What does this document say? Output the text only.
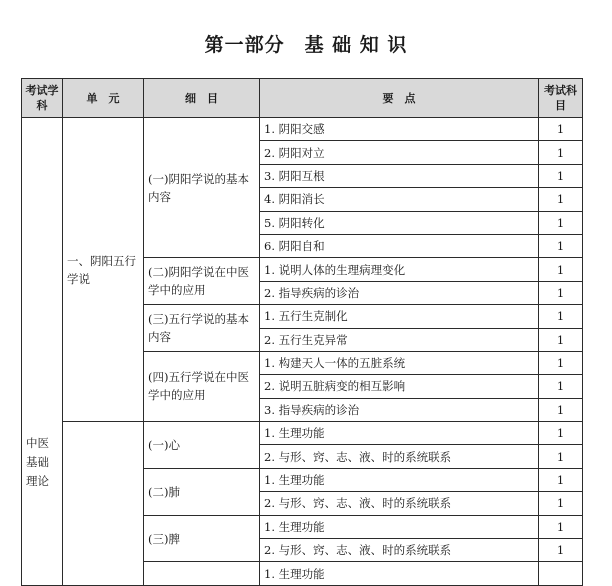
第一部分　基 础 知 识
考试学科	单　元	细　目	要　点	考试科目
中医基础理论	一、阴阳五行学说	(一)阴阳学说的基本内容	1. 阴阳交感	1
			2. 阴阳对立	1
			3. 阴阳互根	1
			4. 阴阳消长	1
			5. 阴阳转化	1
			6. 阴阳自和	1
		(二)阴阳学说在中医学中的应用	1. 说明人体的生理病理变化	1
			2. 指导疾病的诊治	1
		(三)五行学说的基本内容	1. 五行生克制化	1
			2. 五行生克异常	1
		(四)五行学说在中医学中的应用	1. 构建天人一体的五脏系统	1
			2. 说明五脏病变的相互影响	1
			3. 指导疾病的诊治	1
		(一)心	1. 生理功能	1
			2. 与形、窍、志、液、时的系统联系	1
		(二)肺	1. 生理功能	1
			2. 与形、窍、志、液、时的系统联系	1
		(三)脾	1. 生理功能	1
			2. 与形、窍、志、液、时的系统联系	1
			1. 生理功能	
